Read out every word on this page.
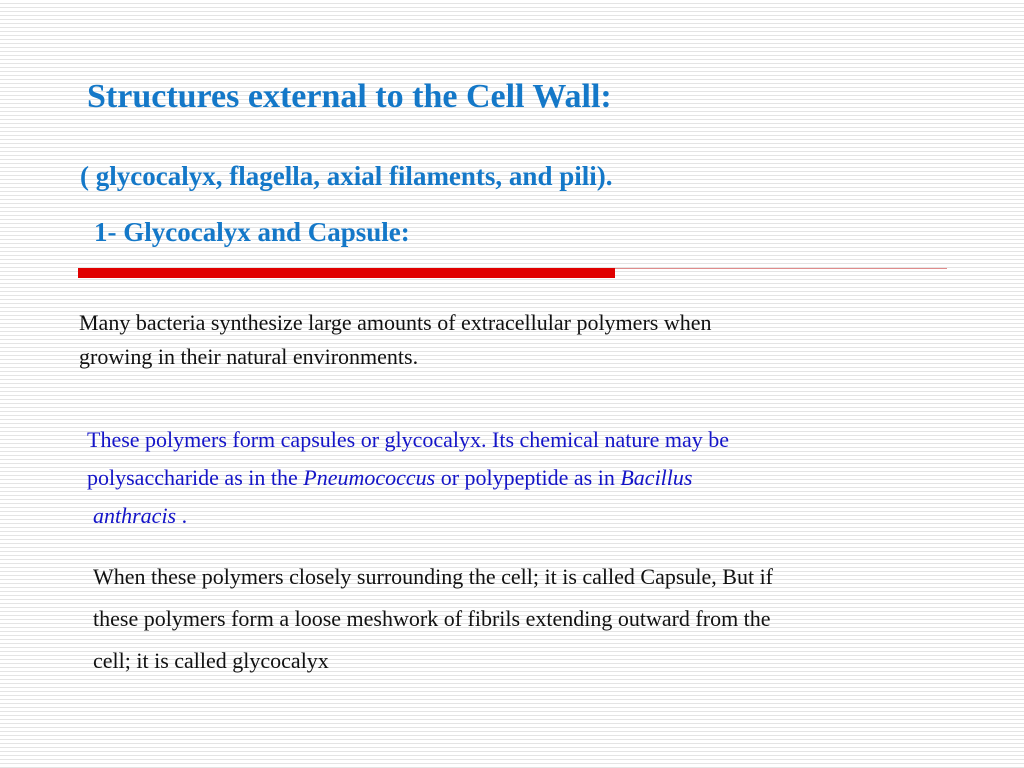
Structures external to the Cell Wall:
( glycocalyx, flagella, axial filaments, and pili).
1- Glycocalyx and Capsule:

Many bacteria synthesize large amounts of extracellular polymers when
growing in their natural environments.

These polymers form capsules or glycocalyx. Its chemical nature may be
polysaccharide as in the Pneumococcus or polypeptide as in Bacillus
anthracis .

When these polymers closely surrounding the cell; it is called Capsule, But if
these polymers form a loose meshwork of fibrils extending outward from the
cell; it is called glycocalyx
